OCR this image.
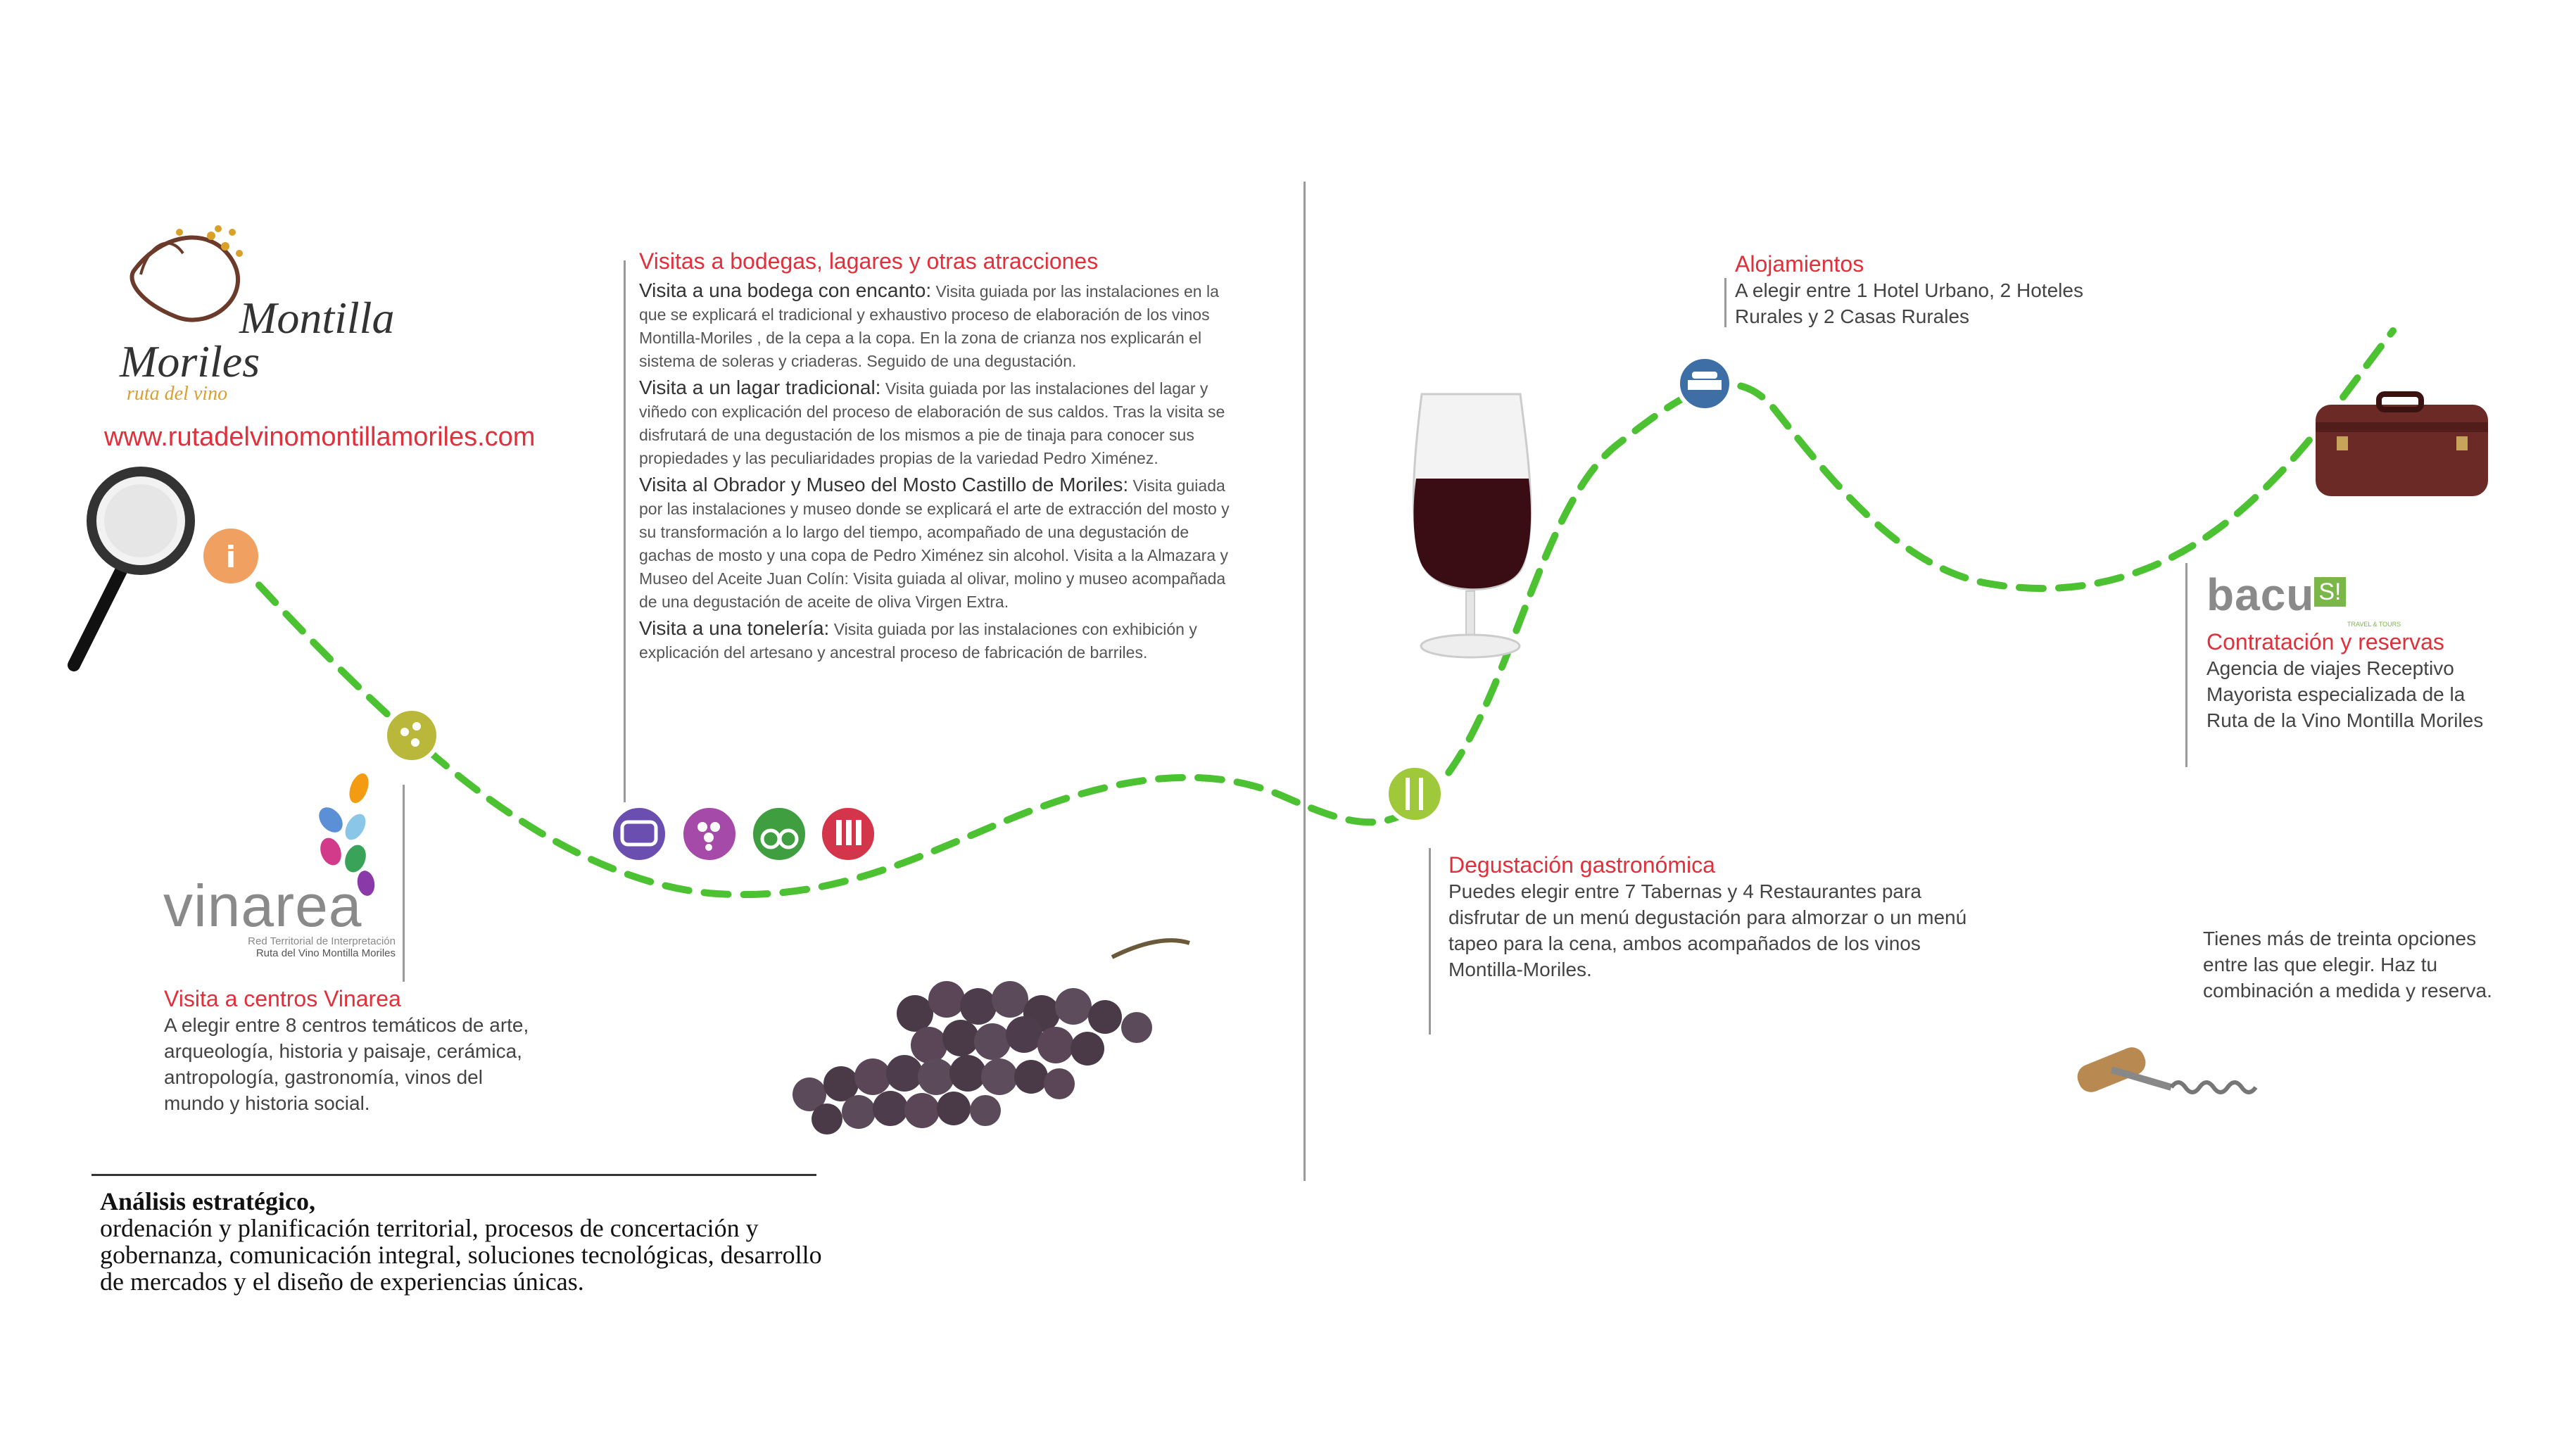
i
Montilla
Moriles
ruta del vino
www.rutadelvinomontillamoriles.com
Visitas a bodegas, lagares y otras atracciones
Visita a una bodega con encanto: Visita guiada por las instalaciones en la que se explicará el tradicional y exhaustivo proceso de elaboración de los vinos Montilla-Moriles , de la cepa a la copa. En la zona de crianza nos explicarán el sistema de soleras y criaderas. Seguido de una degustación.
Visita a un lagar tradicional: Visita guiada por las instalaciones del lagar y viñedo con explicación del proceso de elaboración de sus caldos. Tras la visita se disfrutará de una degustación de los mismos a pie de tinaja para conocer sus propiedades y las peculiaridades propias de la variedad Pedro Ximénez.
Visita al Obrador y Museo del Mosto Castillo de Moriles: Visita guiada por las instalaciones y museo donde se explicará el arte de extracción del mosto y su transformación a lo largo del tiempo, acompañado de una degustación de gachas de mosto y una copa de Pedro Ximénez sin alcohol. Visita a la Almazara y Museo del Aceite Juan Colín: Visita guiada al olivar, molino y museo acompañada de una degustación de aceite de oliva Virgen Extra.
Visita a una tonelería: Visita guiada por las instalaciones con exhibición y explicación del artesano y ancestral proceso de fabricación de barriles.
vinarea
Red Territorial de Interpretación
Ruta del Vino Montilla Moriles
Visita a centros Vinarea
A elegir entre 8 centros temáticos de arte, arqueología, historia y paisaje, cerámica, antropología, gastronomía, vinos del mundo y historia social.
Alojamientos
A elegir entre 1 Hotel Urbano, 2 Hoteles Rurales y 2 Casas Rurales
Degustación gastronómica
Puedes elegir entre 7 Tabernas y 4 Restaurantes para disfrutar de un menú degustación para almorzar o un menú tapeo para la cena, ambos acompañados de los vinos Montilla-Moriles.
bacu S!
TRAVEL & TOURS
Contratación y reservas
Agencia de viajes Receptivo Mayorista especializada de la Ruta de la Vino Montilla Moriles
Tienes más de treinta opciones entre las que elegir. Haz tu combinación a medida y reserva.
Análisis estratégico,
ordenación y planificación territorial, procesos de concertación y gobernanza, comunicación integral, soluciones tecnológicas, desarrollo de mercados y el diseño de experiencias únicas.
